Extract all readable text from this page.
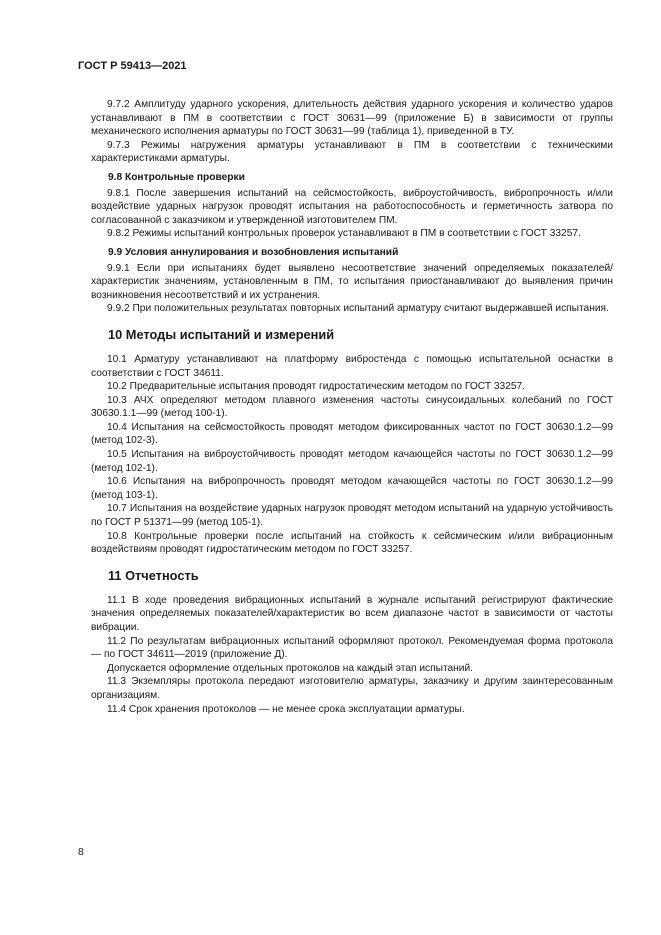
ГОСТ Р 59413—2021

9.7.2 Амплитуду ударного ускорения, длительность действия ударного ускорения и количество ударов устанавливают в ПМ в соответствии с ГОСТ 30631—99 (приложение Б) в зависимости от группы механического исполнения арматуры по ГОСТ 30631—99 (таблица 1), приведенной в ТУ.

9.7.3 Режимы нагружения арматуры устанавливают в ПМ в соответствии с техническими характеристиками арматуры.

9.8 Контрольные проверки

9.8.1 После завершения испытаний на сейсмостойкость, виброустойчивость, вибропрочность и/или воздействие ударных нагрузок проводят испытания на работоспособность и герметичность затвора по согласованной с заказчиком и утвержденной изготовителем ПМ.

9.8.2 Режимы испытаний контрольных проверок устанавливают в ПМ в соответствии с ГОСТ 33257.

9.9 Условия аннулирования и возобновления испытаний

9.9.1 Если при испытаниях будет выявлено несоответствие значений определяемых показателей/характеристик значениям, установленным в ПМ, то испытания приостанавливают до выявления причин возникновения несоответствий и их устранения.

9.9.2 При положительных результатах повторных испытаний арматуру считают выдержавшей испытания.

10 Методы испытаний и измерений

10.1 Арматуру устанавливают на платформу вибростенда с помощью испытательной оснастки в соответствии с ГОСТ 34611.

10.2 Предварительные испытания проводят гидростатическим методом по ГОСТ 33257.

10.3 АЧХ определяют методом плавного изменения частоты синусоидальных колебаний по ГОСТ 30630.1.1—99 (метод 100-1).

10.4 Испытания на сейсмостойкость проводят методом фиксированных частот по ГОСТ 30630.1.2—99 (метод 102-3).

10.5 Испытания на виброустойчивость проводят методом качающейся частоты по ГОСТ 30630.1.2—99 (метод 102-1).

10.6 Испытания на вибропрочность проводят методом качающейся частоты по ГОСТ 30630.1.2—99 (метод 103-1).

10.7 Испытания на воздействие ударных нагрузок проводят методом испытаний на ударную устойчивость по ГОСТ Р 51371—99 (метод 105-1).

10.8 Контрольные проверки после испытаний на стойкость к сейсмическим и/или вибрационным воздействиям проводят гидростатическим методом по ГОСТ 33257.

11 Отчетность

11.1 В ходе проведения вибрационных испытаний в журнале испытаний регистрируют фактические значения определяемых показателей/характеристик во всем диапазоне частот в зависимости от частоты вибрации.

11.2 По результатам вибрационных испытаний оформляют протокол. Рекомендуемая форма протокола — по ГОСТ 34611—2019 (приложение Д).

Допускается оформление отдельных протоколов на каждый этап испытаний.

11.3 Экземпляры протокола передают изготовителю арматуры, заказчику и другим заинтересованным организациям.

11.4 Срок хранения протоколов — не менее срока эксплуатации арматуры.

8
